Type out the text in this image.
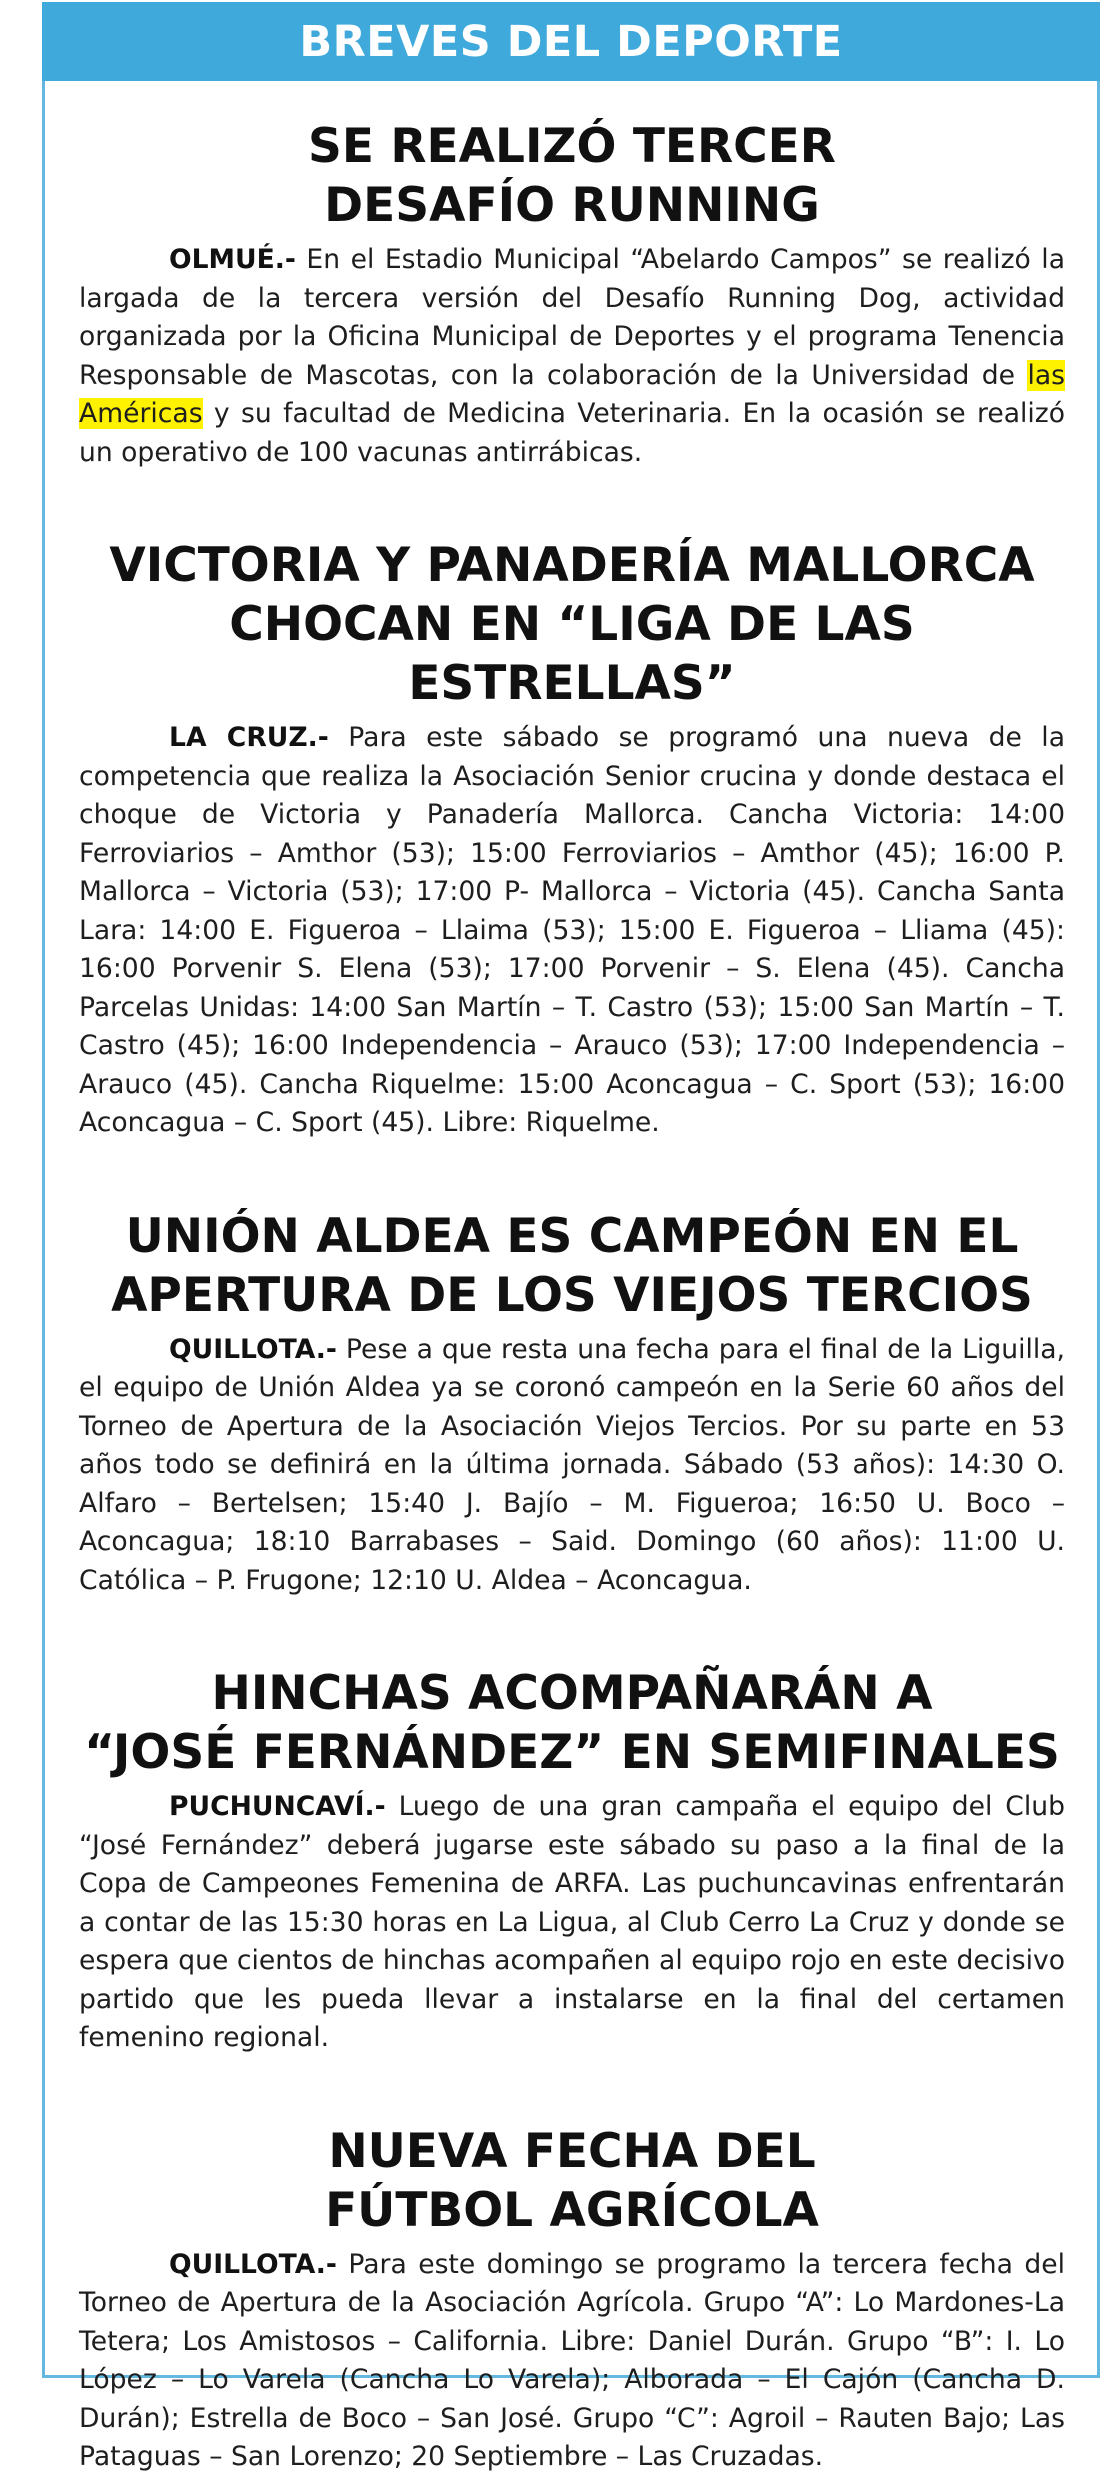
BREVES DEL DEPORTE
SE REALIZÓ TERCER
DESAFÍO RUNNING

OLMUÉ.- En el Estadio Municipal “Abelardo Campos” se realizó la largada de la tercera versión del Desafío Running Dog, actividad organizada por la Oficina Municipal de Deportes y el programa Tenencia Responsable de Mascotas, con la colaboración de la Universidad de las Américas y su facultad de Medicina Veterinaria. En la ocasión se realizó un operativo de 100 vacunas antirrábicas.

VICTORIA Y PANADERÍA MALLORCA
CHOCAN EN “LIGA DE LAS ESTRELLAS”

LA CRUZ.- Para este sábado se programó una nueva de la competencia que realiza la Asociación Senior crucina y donde destaca el choque de Victoria y Panadería Mallorca. Cancha Victoria: 14:00 Ferroviarios – Amthor (53); 15:00 Ferroviarios – Amthor (45); 16:00 P. Mallorca – Victoria (53); 17:00 P- Mallorca – Victoria (45). Cancha Santa Lara: 14:00 E. Figueroa – Llaima (53); 15:00 E. Figueroa – Lliama (45): 16:00 Porvenir S. Elena (53); 17:00 Porvenir – S. Elena (45). Cancha Parcelas Unidas: 14:00 San Martín – T. Castro (53); 15:00 San Martín – T. Castro (45); 16:00 Independencia – Arauco (53); 17:00 Independencia – Arauco (45). Cancha Riquelme: 15:00 Aconcagua – C. Sport (53); 16:00 Aconcagua – C. Sport (45). Libre: Riquelme.

UNIÓN ALDEA ES CAMPEÓN EN EL
APERTURA DE LOS VIEJOS TERCIOS

QUILLOTA.- Pese a que resta una fecha para el final de la Liguilla, el equipo de Unión Aldea ya se coronó campeón en la Serie 60 años del Torneo de Apertura de la Asociación Viejos Tercios. Por su parte en 53 años todo se definirá en la última jornada. Sábado (53 años): 14:30 O. Alfaro – Bertelsen; 15:40 J. Bajío – M. Figueroa; 16:50 U. Boco – Aconcagua; 18:10 Barrabases – Said. Domingo (60 años): 11:00 U. Católica – P. Frugone; 12:10 U. Aldea – Aconcagua.

HINCHAS ACOMPAÑARÁN A
“JOSÉ FERNÁNDEZ” EN SEMIFINALES

PUCHUNCAVÍ.- Luego de una gran campaña el equipo del Club “José Fernández” deberá jugarse este sábado su paso a la final de la Copa de Campeones Femenina de ARFA. Las puchuncavinas enfrentarán a contar de las 15:30 horas en La Ligua, al Club Cerro La Cruz y donde se espera que cientos de hinchas acompañen al equipo rojo en este decisivo partido que les pueda llevar a instalarse en la final del certamen femenino regional.

NUEVA FECHA DEL
FÚTBOL AGRÍCOLA

QUILLOTA.- Para este domingo se programo la tercera fecha del Torneo de Apertura de la Asociación Agrícola. Grupo “A”: Lo Mardones-La Tetera; Los Amistosos – California. Libre: Daniel Durán. Grupo “B”: I. Lo López – Lo Varela (Cancha Lo Varela); Alborada – El Cajón (Cancha D. Durán); Estrella de Boco – San José. Grupo “C”: Agroil – Rauten Bajo; Las Pataguas – San Lorenzo; 20 Septiembre – Las Cruzadas.
